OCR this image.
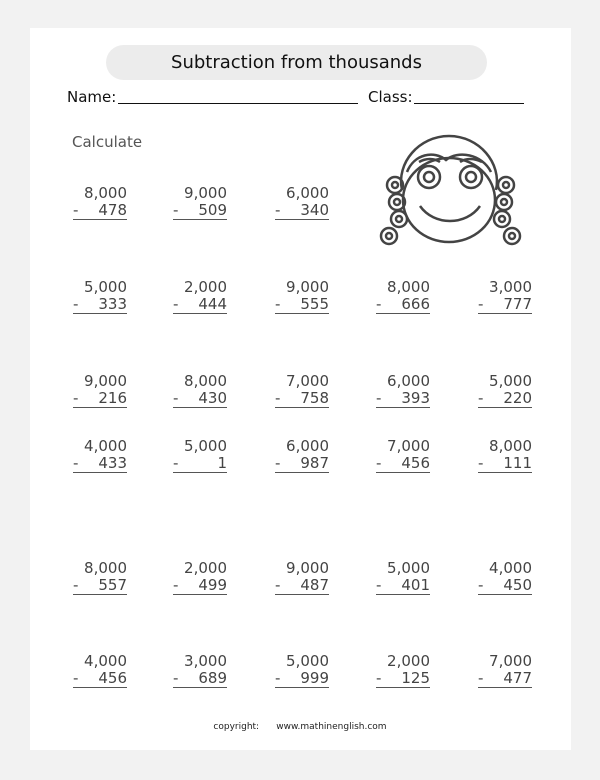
Subtraction from thousands
Name:	Class:
Calculate
8,000
- 478
9,000
- 509
6,000
- 340
5,000
- 333
2,000
- 444
9,000
- 555
8,000
- 666
3,000
- 777
9,000
- 216
8,000
- 430
7,000
- 758
6,000
- 393
5,000
- 220
4,000
- 433
5,000
-	1
6,000
- 987
7,000
- 456
8,000
- 111
8,000
- 557
2,000
- 499
9,000
- 487
5,000
- 401
4,000
- 450
4,000
- 456
3,000
- 689
5,000
- 999
2,000
- 125
7,000
- 477
copyright: www.mathinenglish.com
